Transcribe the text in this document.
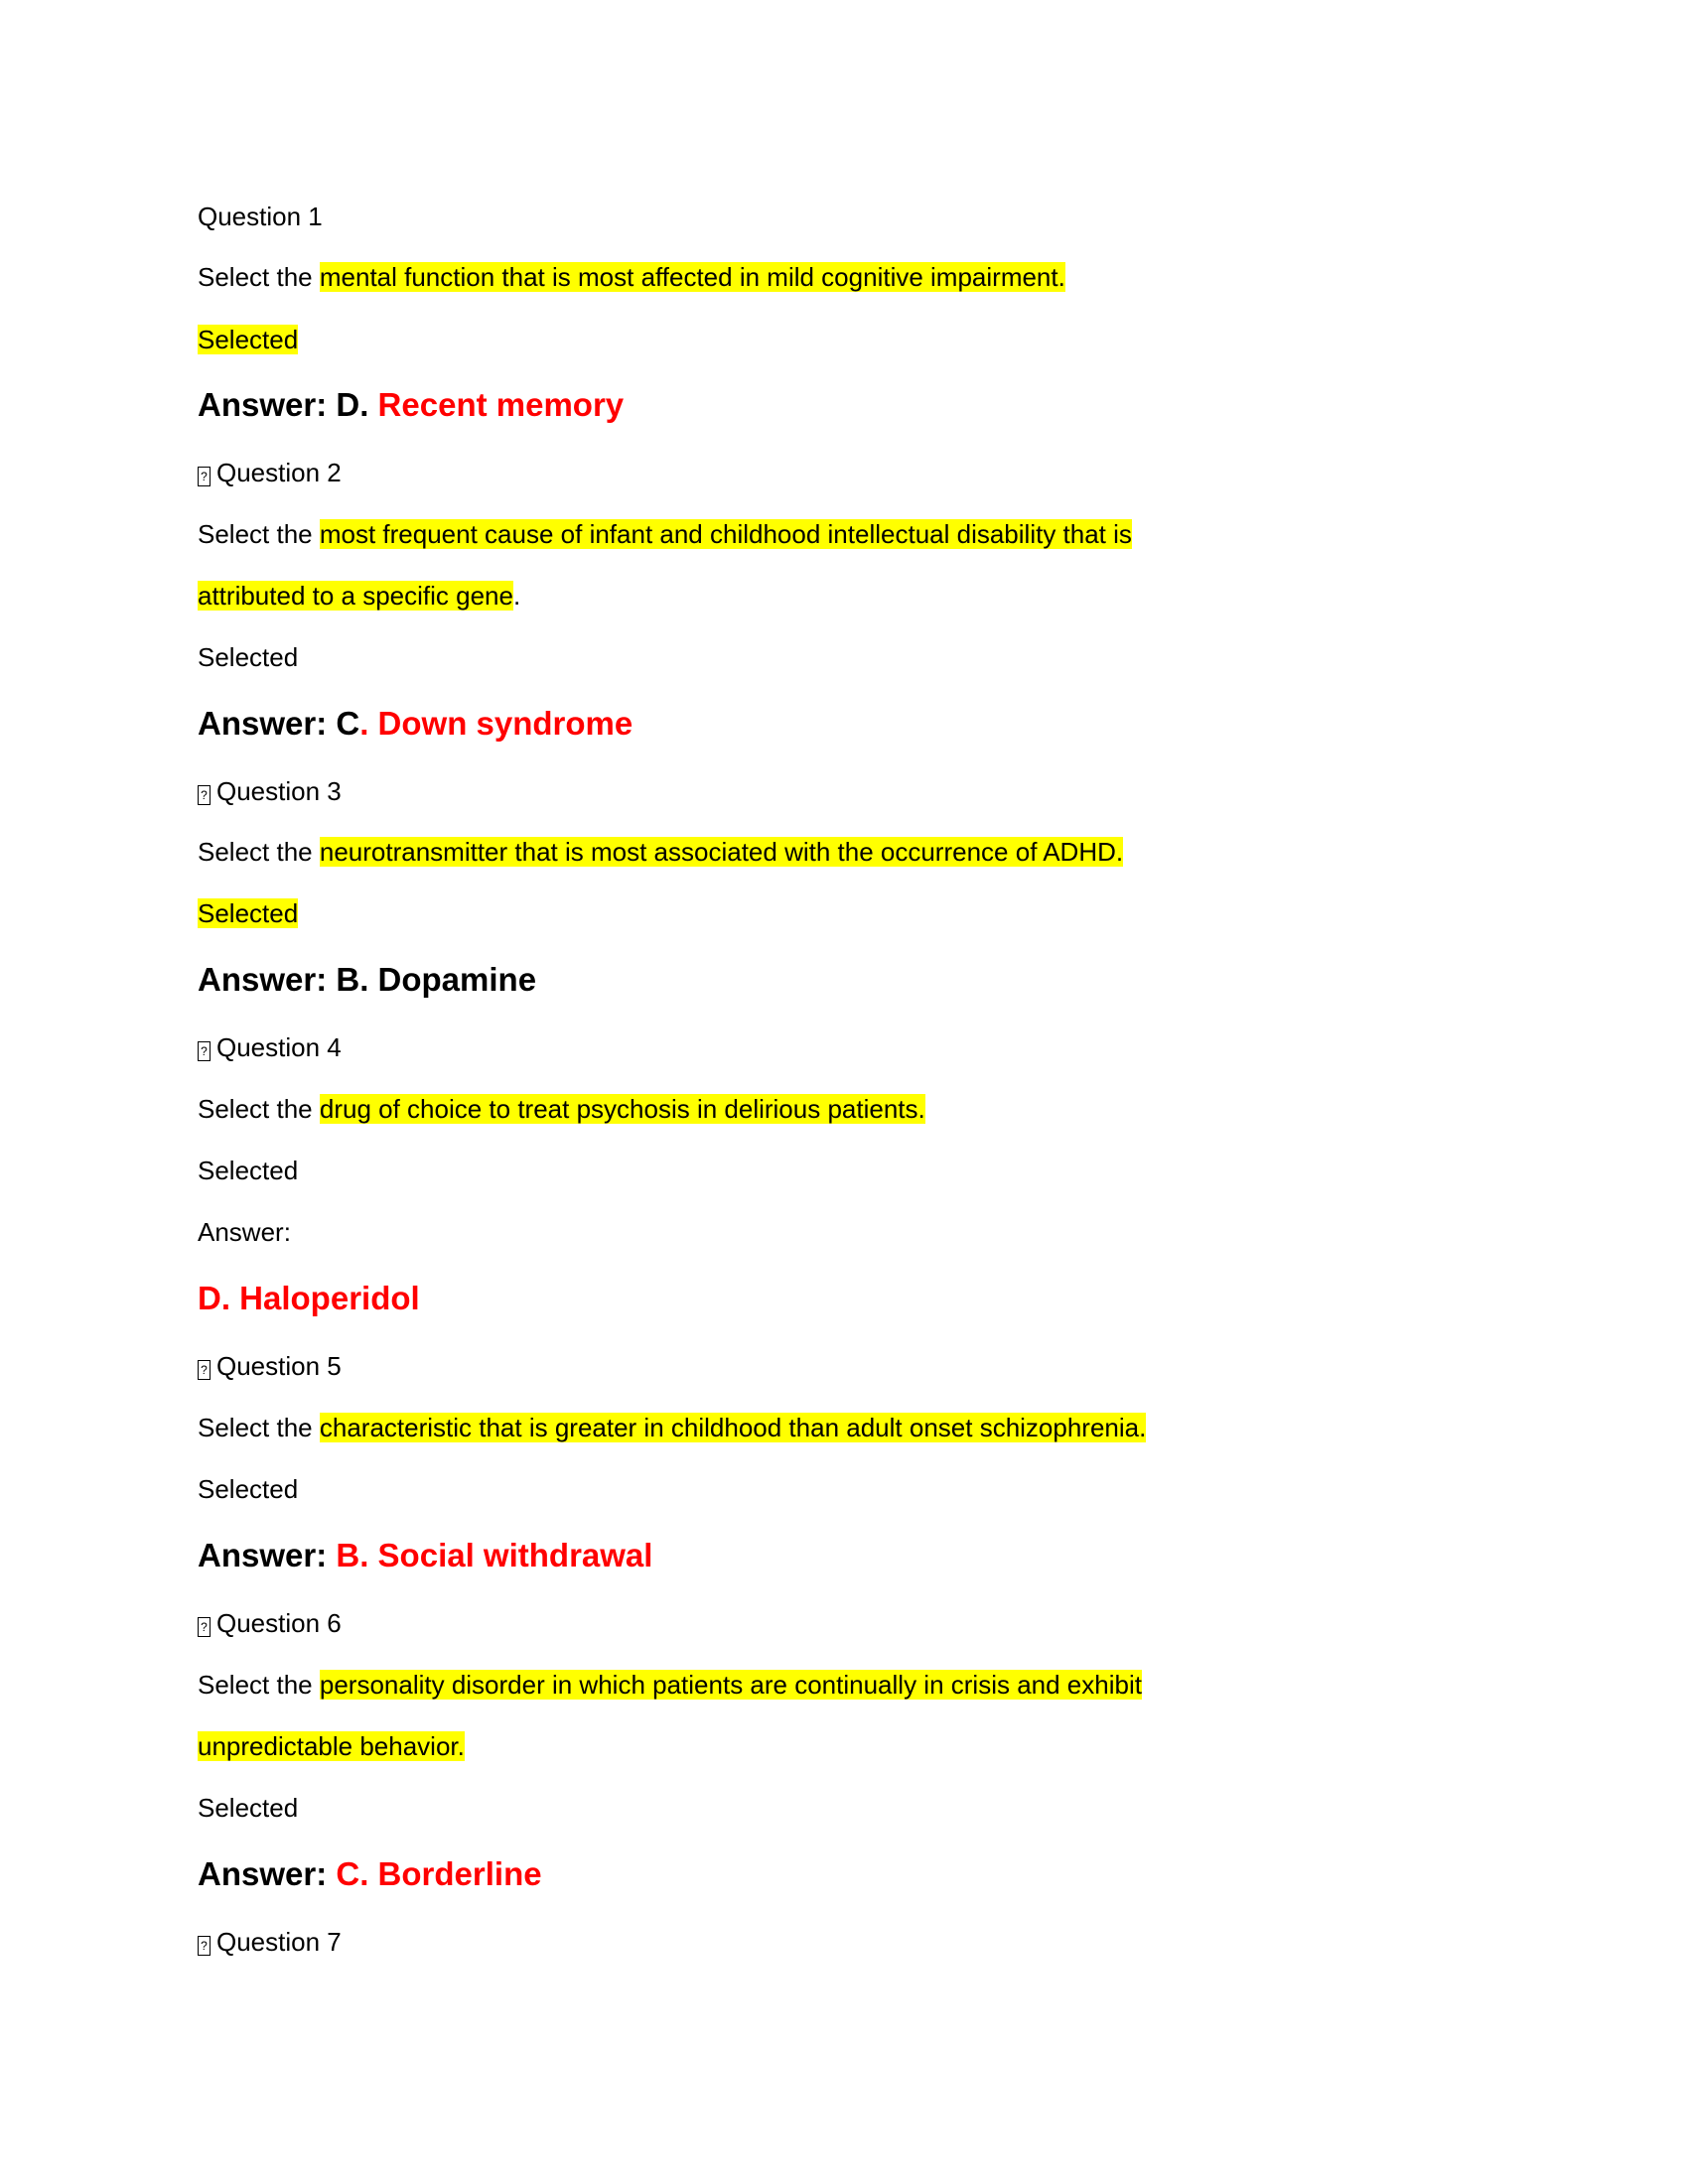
Question 1
Select the mental function that is most affected in mild cognitive impairment.
Selected
Answer: D. Recent memory
? Question 2
Select the most frequent cause of infant and childhood intellectual disability that is
attributed to a specific gene.
Selected
Answer: C. Down syndrome
? Question 3
Select the neurotransmitter that is most associated with the occurrence of ADHD.
Selected
Answer: B. Dopamine
? Question 4
Select the drug of choice to treat psychosis in delirious patients.
Selected
Answer:
D. Haloperidol
? Question 5
Select the characteristic that is greater in childhood than adult onset schizophrenia.
Selected
Answer: B. Social withdrawal
? Question 6
Select the personality disorder in which patients are continually in crisis and exhibit
unpredictable behavior.
Selected
Answer: C. Borderline
? Question 7
